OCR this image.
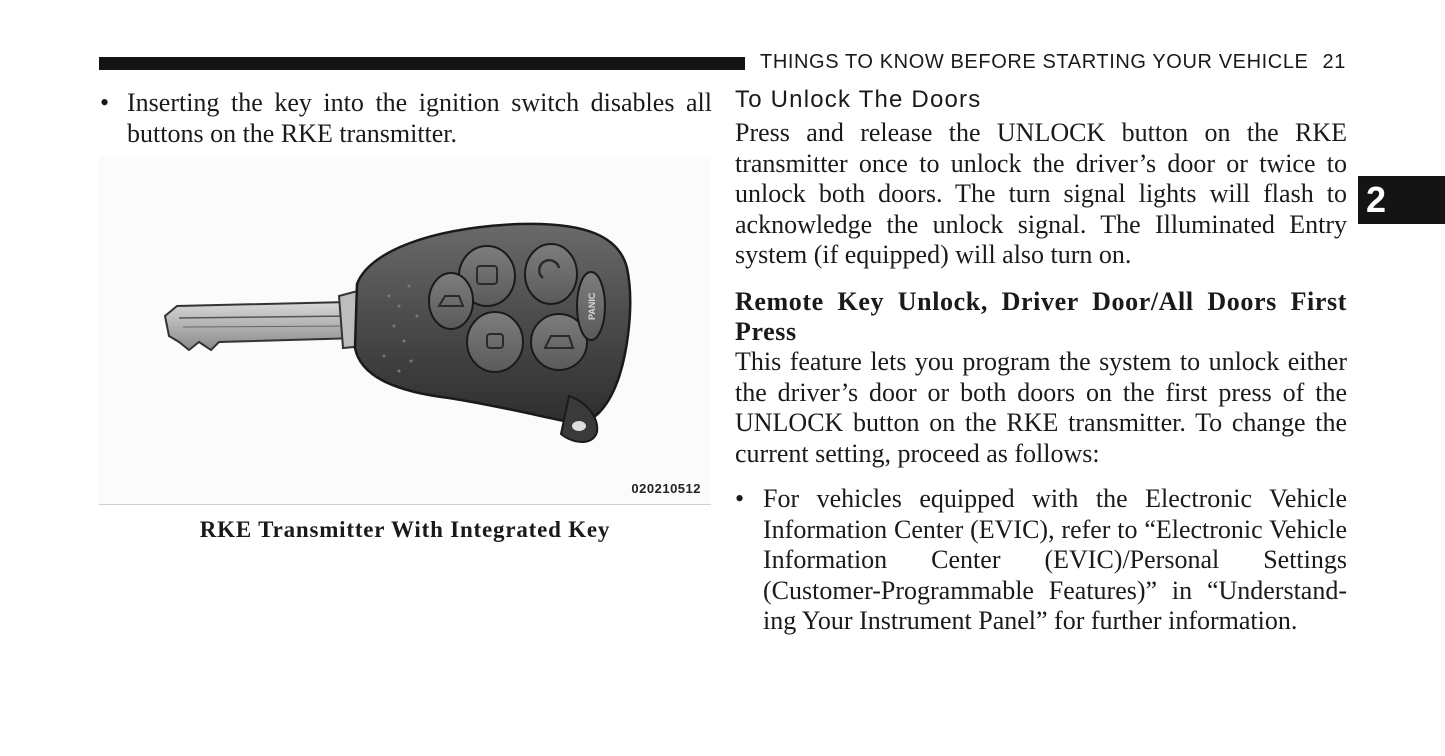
THINGS TO KNOW BEFORE STARTING YOUR VEHICLE 21
2
• Inserting the key into the ignition switch disables all
buttons on the RKE transmitter.
PANIC
020210512
RKE Transmitter With Integrated Key
To Unlock The Doors
Press and release the UNLOCK button on the RKE
transmitter once to unlock the driver’s door or twice to
unlock both doors. The turn signal lights will flash to
acknowledge the unlock signal. The Illuminated Entry
system (if equipped) will also turn on.
Remote Key Unlock, Driver Door/All Doors First
Press
This feature lets you program the system to unlock either
the driver’s door or both doors on the first press of the
UNLOCK button on the RKE transmitter. To change the
current setting, proceed as follows:
• For vehicles equipped with the Electronic Vehicle
Information Center (EVIC), refer to “Electronic Vehicle
Information Center (EVIC)/Personal Settings
(Customer-Programmable Features)” in “Understand-
ing Your Instrument Panel” for further information.
